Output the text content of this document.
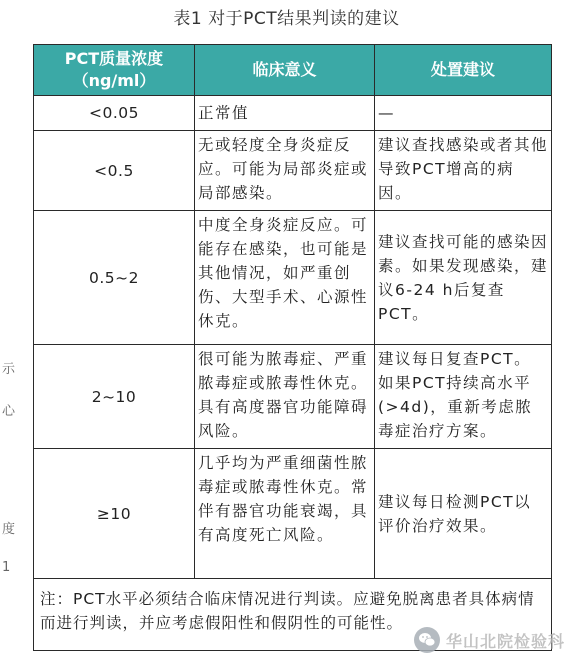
表1 对于PCT结果判读的建议
示
心
度
1
PCT质量浓度
（ng/ml）	临床意义	处置建议
<0.05	正常值	—
<0.5	无或轻度全身炎症反应。可能为局部炎症或局部感染。	建议查找感染或者其他导致PCT增高的病因。
0.5~2	中度全身炎症反应。可能存在感染，也可能是其他情况，如严重创伤、大型手术、心源性休克。	建议查找可能的感染因素。如果发现感染，建议6-24 h后复查PCT。
2~10	很可能为脓毒症、严重脓毒症或脓毒性休克。具有高度器官功能障碍风险。	建议每日复查PCT。如果PCT持续高水平(>4d)，重新考虑脓毒症治疗方案。
≥10	几乎均为严重细菌性脓毒症或脓毒性休克。常伴有器官功能衰竭，具有高度死亡风险。	建议每日检测PCT以评价治疗效果。
注：PCT水平必须结合临床情况进行判读。应避免脱离患者具体病情而进行判读，并应考虑假阳性和假阴性的可能性。		
华山北院检验科
